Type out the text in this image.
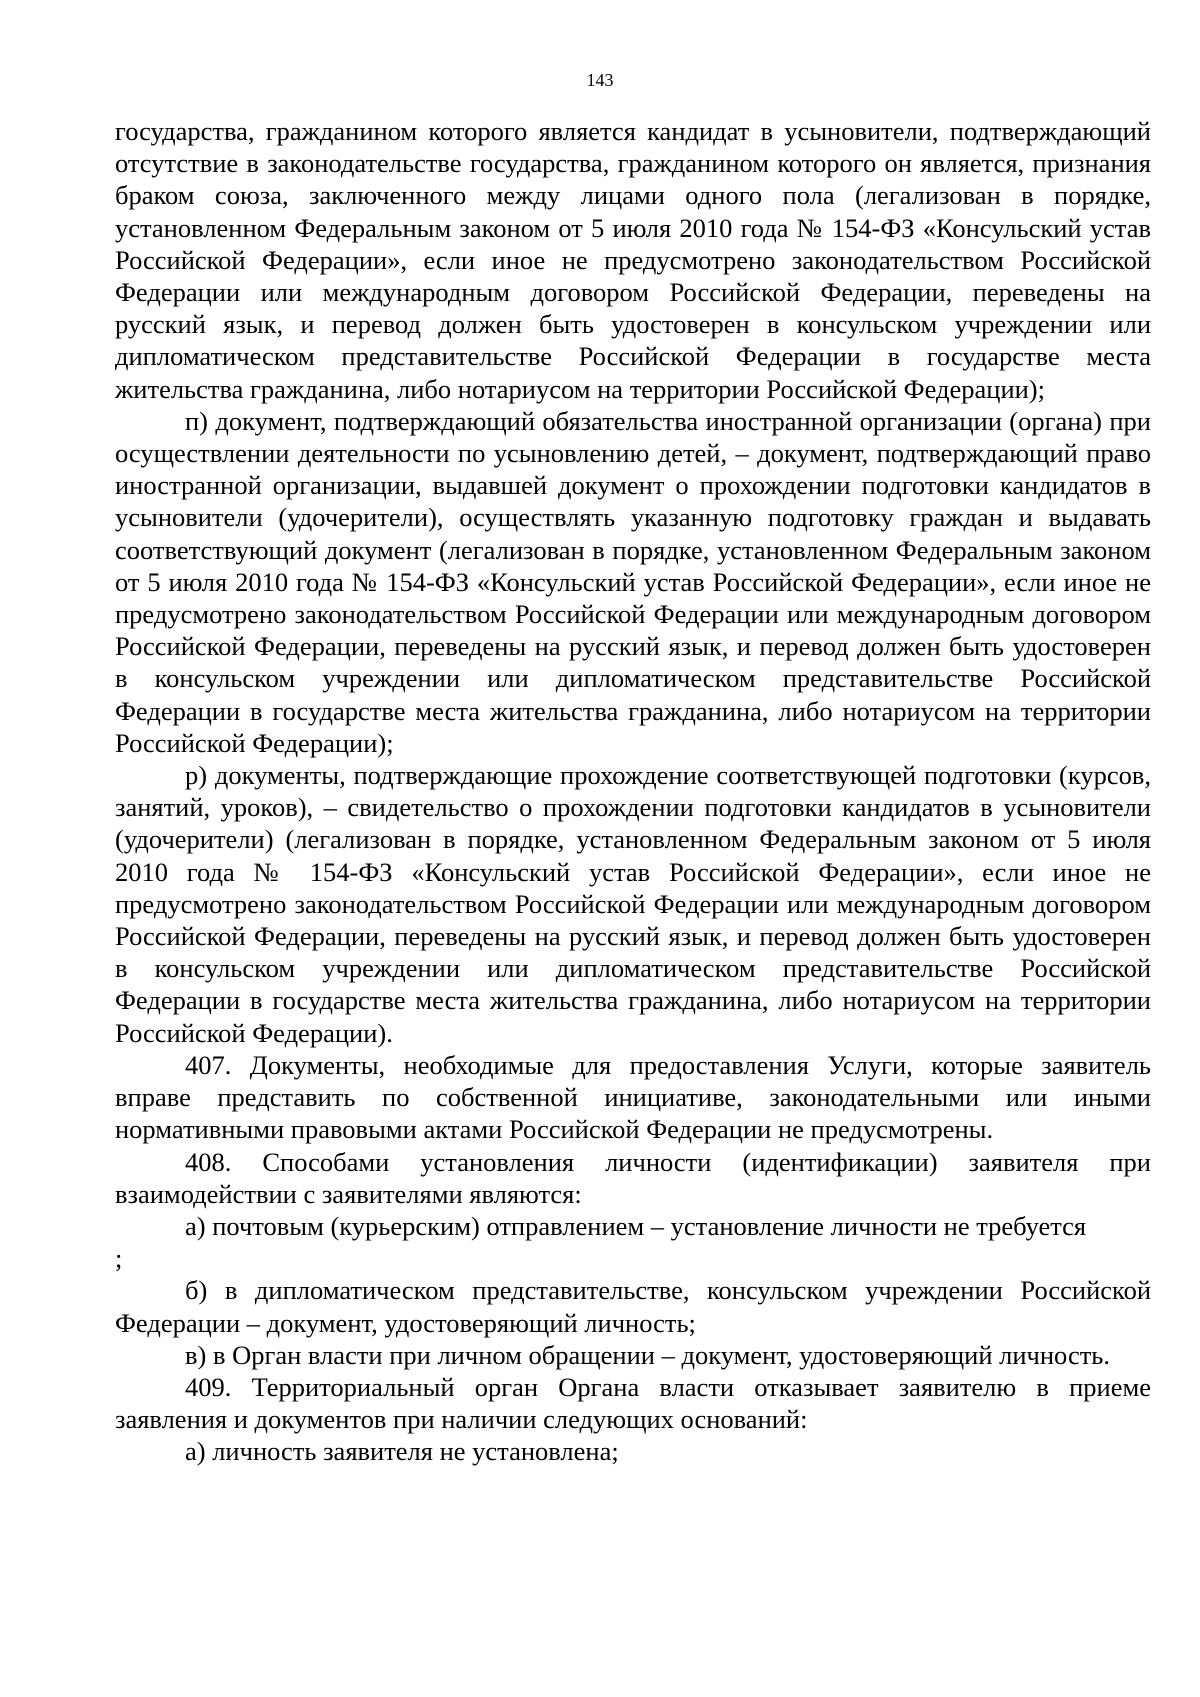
143

государства, гражданином которого является кандидат в усыновители, подтверждающий отсутствие в законодательстве государства, гражданином которого он является, признания браком союза, заключенного между лицами одного пола (легализован в порядке, установленном Федеральным законом от 5 июля 2010 года № 154-ФЗ «Консульский устав Российской Федерации», если иное не предусмотрено законодательством Российской Федерации или международным договором Российской Федерации, переведены на русский язык, и перевод должен быть удостоверен в консульском учреждении или дипломатическом представительстве Российской Федерации в государстве места жительства гражданина, либо нотариусом на территории Российской Федерации);

п) документ, подтверждающий обязательства иностранной организации (органа) при осуществлении деятельности по усыновлению детей, – документ, подтверждающий право иностранной организации, выдавшей документ о прохождении подготовки кандидатов в усыновители (удочерители), осуществлять указанную подготовку граждан и выдавать соответствующий документ (легализован в порядке, установленном Федеральным законом от 5 июля 2010 года № 154-ФЗ «Консульский устав Российской Федерации», если иное не предусмотрено законодательством Российской Федерации или международным договором Российской Федерации, переведены на русский язык, и перевод должен быть удостоверен в консульском учреждении или дипломатическом представительстве Российской Федерации в государстве места жительства гражданина, либо нотариусом на территории Российской Федерации);

р) документы, подтверждающие прохождение соответствующей подготовки (курсов, занятий, уроков), – свидетельство о прохождении подготовки кандидатов в усыновители (удочерители) (легализован в порядке, установленном Федеральным законом от 5 июля 2010 года № 154-ФЗ «Консульский устав Российской Федерации», если иное не предусмотрено законодательством Российской Федерации или международным договором Российской Федерации, переведены на русский язык, и перевод должен быть удостоверен в консульском учреждении или дипломатическом представительстве Российской Федерации в государстве места жительства гражданина, либо нотариусом на территории Российской Федерации).

407. Документы, необходимые для предоставления Услуги, которые заявитель вправе представить по собственной инициативе, законодательными или иными нормативными правовыми актами Российской Федерации не предусмотрены.

408. Способами установления личности (идентификации) заявителя при взаимодействии с заявителями являются:

а) почтовым (курьерским) отправлением – установление личности не требуется

;

б) в дипломатическом представительстве, консульском учреждении Российской Федерации – документ, удостоверяющий личность;

в) в Орган власти при личном обращении – документ, удостоверяющий личность.

409. Территориальный орган Органа власти отказывает заявителю в приеме заявления и документов при наличии следующих оснований:

а) личность заявителя не установлена;
